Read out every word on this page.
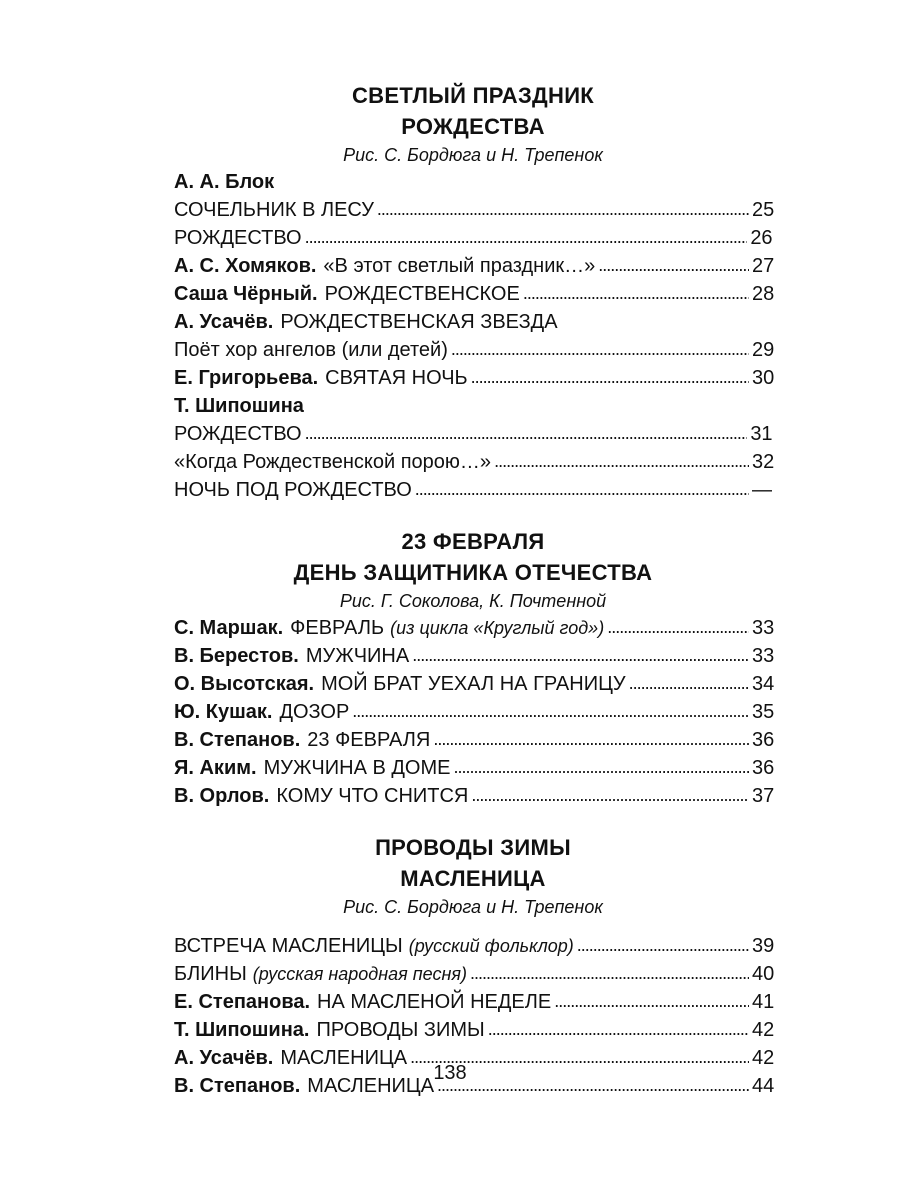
СВЕТЛЫЙ ПРАЗДНИК

РОЖДЕСТВА

Рис. С. Бордюга и Н. Трепенок

А. А. Блок

СОЧЕЛЬНИК В ЛЕСУ . . .	25
РОЖДЕСТВО . . .	26
А. С. Хомяков. «В этот светлый праздник…» . . .	27
Саша Чёрный. РОЖДЕСТВЕНСКОЕ . . .	28
А. Усачёв. РОЖДЕСТВЕНСКАЯ ЗВЕЗДА
Поёт хор ангелов (или детей) . . .	29
Е. Григорьева. СВЯТАЯ НОЧЬ . . .	30

Т. Шипошина

РОЖДЕСТВО . . .	31
«Когда Рождественской порою…» . . .	32
НОЧЬ ПОД РОЖДЕСТВО . . .	—

23 ФЕВРАЛЯ

ДЕНЬ ЗАЩИТНИКА ОТЕЧЕСТВА

Рис. Г. Соколова, К. Почтенной

С. Маршак. ФЕВРАЛЬ (из цикла «Круглый год») . . .	33
В. Берестов. МУЖЧИНА . . .	33
О. Высотская. МОЙ БРАТ УЕХАЛ НА ГРАНИЦУ . . .	34
Ю. Кушак. ДОЗОР . . .	35
В. Степанов. 23 ФЕВРАЛЯ . . .	36
Я. Аким. МУЖЧИНА В ДОМЕ . . .	36
В. Орлов. КОМУ ЧТО СНИТСЯ . . .	37

ПРОВОДЫ ЗИМЫ

МАСЛЕНИЦА

Рис. С. Бордюга и Н. Трепенок

ВСТРЕЧА МАСЛЕНИЦЫ (русский фольклор) . . .	39
БЛИНЫ (русская народная песня) . . .	40
Е. Степанова. НА МАСЛЕНОЙ НЕДЕЛЕ . . .	41
Т. Шипошина. ПРОВОДЫ ЗИМЫ . . .	42
А. Усачёв. МАСЛЕНИЦА . . .	42
В. Степанов. МАСЛЕНИЦА . . .	44
138
